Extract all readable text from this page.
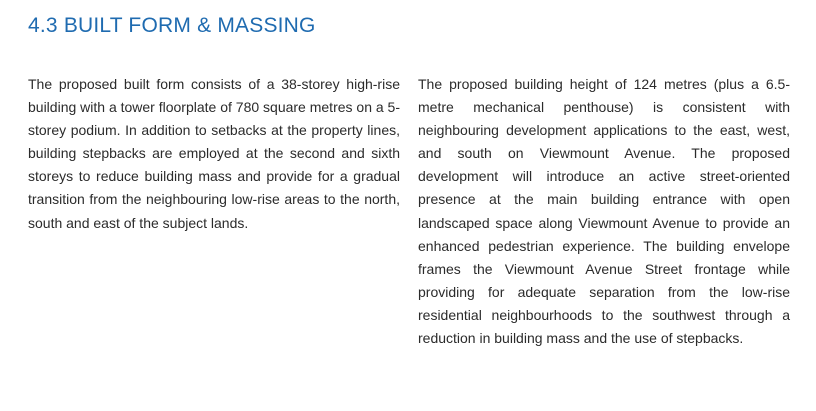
4.3 BUILT FORM & MASSING

The proposed built form consists of a 38-storey high-rise building with a tower floorplate of 780 square metres on a 5-storey podium. In addition to setbacks at the property lines, building stepbacks are employed at the second and sixth storeys to reduce building mass and provide for a gradual transition from the neighbouring low-rise areas to the north, south and east of the subject lands.

The proposed building height of 124 metres (plus a 6.5-metre mechanical penthouse) is consistent with neighbouring development applications to the east, west, and south on Viewmount Avenue. The proposed development will introduce an active street-oriented presence at the main building entrance with open landscaped space along Viewmount Avenue to provide an enhanced pedestrian experience. The building envelope frames the Viewmount Avenue Street frontage while providing for adequate separation from the low-rise residential neighbourhoods to the southwest through a reduction in building mass and the use of stepbacks.
